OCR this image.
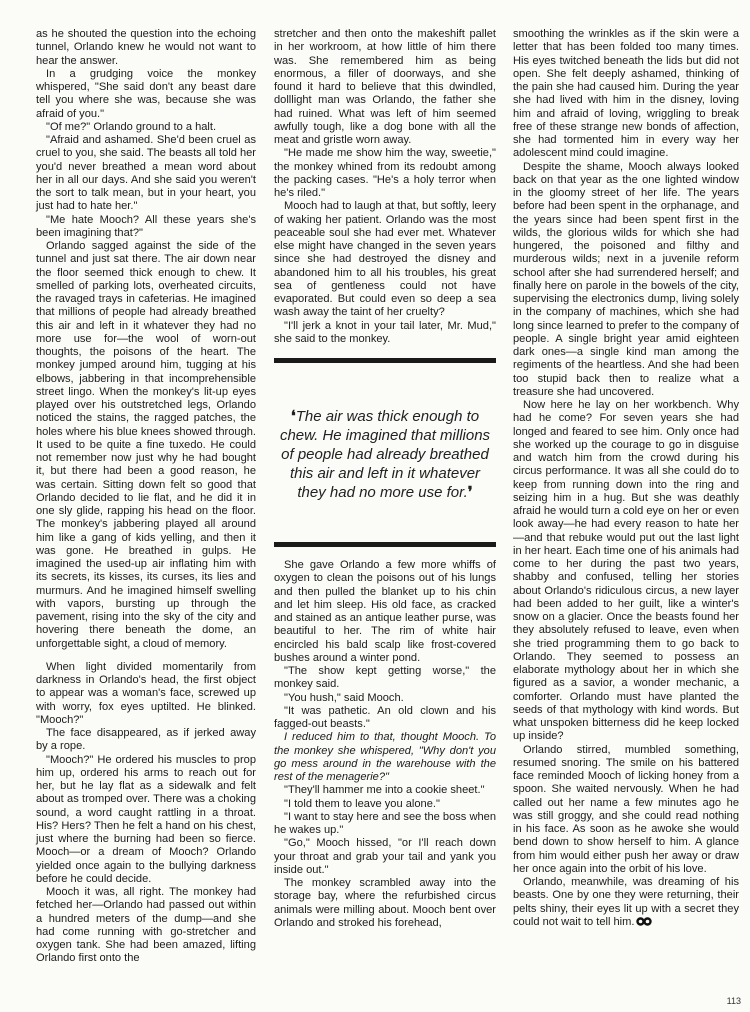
as he shouted the question into the echoing tunnel, Orlando knew he would not want to hear the answer.

In a grudging voice the monkey whispered, "She said don't any beast dare tell you where she was, because she was afraid of you."

"Of me?" Orlando ground to a halt.

"Afraid and ashamed. She'd been cruel as cruel to you, she said. The beasts all told her you'd never breathed a mean word about her in all our days. And she said you weren't the sort to talk mean, but in your heart, you just had to hate her."

"Me hate Mooch? All these years she's been imagining that?"

Orlando sagged against the side of the tunnel and just sat there. The air down near the floor seemed thick enough to chew. It smelled of parking lots, overheated circuits, the ravaged trays in cafeterias. He imagined that millions of people had already breathed this air and left in it whatever they had no more use for—the wool of worn-out thoughts, the poisons of the heart. The monkey jumped around him, tugging at his elbows, jabbering in that incomprehensible street lingo. When the monkey's lit-up eyes played over his outstretched legs, Orlando noticed the stains, the ragged patches, the holes where his blue knees showed through. It used to be quite a fine tuxedo. He could not remember now just why he had bought it, but there had been a good reason, he was certain. Sitting down felt so good that Orlando decided to lie flat, and he did it in one sly glide, rapping his head on the floor. The monkey's jabbering played all around him like a gang of kids yelling, and then it was gone. He breathed in gulps. He imagined the used-up air inflating him with its secrets, its kisses, its curses, its lies and murmurs. And he imagined himself swelling with vapors, bursting up through the pavement, rising into the sky of the city and hovering there beneath the dome, an unforgettable sight, a cloud of memory.

When light divided momentarily from darkness in Orlando's head, the first object to appear was a woman's face, screwed up with worry, fox eyes uptilted. He blinked. "Mooch?"

The face disappeared, as if jerked away by a rope.

"Mooch?" He ordered his muscles to prop him up, ordered his arms to reach out for her, but he lay flat as a sidewalk and felt about as tromped over. There was a choking sound, a word caught rattling in a throat. His? Hers? Then he felt a hand on his chest, just where the burning had been so fierce. Mooch—or a dream of Mooch? Orlando yielded once again to the bullying darkness before he could decide.

Mooch it was, all right. The monkey had fetched her—Orlando had passed out within a hundred meters of the dump—and she had come running with go-stretcher and oxygen tank. She had been amazed, lifting Orlando first onto the

stretcher and then onto the makeshift pallet in her workroom, at how little of him there was. She remembered him as being enormous, a filler of doorways, and she found it hard to believe that this dwindled, dolllight man was Orlando, the father she had ruined. What was left of him seemed awfully tough, like a dog bone with all the meat and gristle worn away.

"He made me show him the way, sweetie," the monkey whined from its redoubt among the packing cases. "He's a holy terror when he's riled."

Mooch had to laugh at that, but softly, leery of waking her patient. Orlando was the most peaceable soul she had ever met. Whatever else might have changed in the seven years since she had destroyed the disney and abandoned him to all his troubles, his great sea of gentleness could not have evaporated. But could even so deep a sea wash away the taint of her cruelty?

"I'll jerk a knot in your tail later, Mr. Mud," she said to the monkey.

❛The air was thick enough to chew. He imagined that millions of people had already breathed this air and left in it whatever they had no more use for.❜

She gave Orlando a few more whiffs of oxygen to clean the poisons out of his lungs and then pulled the blanket up to his chin and let him sleep. His old face, as cracked and stained as an antique leather purse, was beautiful to her. The rim of white hair encircled his bald scalp like frost-covered bushes around a winter pond.

"The show kept getting worse," the monkey said.

"You hush," said Mooch.

"It was pathetic. An old clown and his fagged-out beasts."

I reduced him to that, thought Mooch. To the monkey she whispered, "Why don't you go mess around in the warehouse with the rest of the menagerie?"

"They'll hammer me into a cookie sheet."

"I told them to leave you alone."

"I want to stay here and see the boss when he wakes up."

"Go," Mooch hissed, "or I'll reach down your throat and grab your tail and yank you inside out."

The monkey scrambled away into the storage bay, where the refurbished circus animals were milling about. Mooch bent over Orlando and stroked his forehead,

smoothing the wrinkles as if the skin were a letter that has been folded too many times. His eyes twitched beneath the lids but did not open. She felt deeply ashamed, thinking of the pain she had caused him. During the year she had lived with him in the disney, loving him and afraid of loving, wriggling to break free of these strange new bonds of affection, she had tormented him in every way her adolescent mind could imagine.

Despite the shame, Mooch always looked back on that year as the one lighted window in the gloomy street of her life. The years before had been spent in the orphanage, and the years since had been spent first in the wilds, the glorious wilds for which she had hungered, the poisoned and filthy and murderous wilds; next in a juvenile reform school after she had surrendered herself; and finally here on parole in the bowels of the city, supervising the electronics dump, living solely in the company of machines, which she had long since learned to prefer to the company of people. A single bright year amid eighteen dark ones—a single kind man among the regiments of the heartless. And she had been too stupid back then to realize what a treasure she had uncovered.

Now here he lay on her workbench. Why had he come? For seven years she had longed and feared to see him. Only once had she worked up the courage to go in disguise and watch him from the crowd during his circus performance. It was all she could do to keep from running down into the ring and seizing him in a hug. But she was deathly afraid he would turn a cold eye on her or even look away—he had every reason to hate her—and that rebuke would put out the last light in her heart. Each time one of his animals had come to her during the past two years, shabby and confused, telling her stories about Orlando's ridiculous circus, a new layer had been added to her guilt, like a winter's snow on a glacier. Once the beasts found her they absolutely refused to leave, even when she tried programming them to go back to Orlando. They seemed to possess an elaborate mythology about her in which she figured as a savior, a wonder mechanic, a comforter. Orlando must have planted the seeds of that mythology with kind words. But what unspoken bitterness did he keep locked up inside?

Orlando stirred, mumbled something, resumed snoring. The smile on his battered face reminded Mooch of licking honey from a spoon. She waited nervously. When he had called out her name a few minutes ago he was still groggy, and she could read nothing in his face. As soon as he awoke she would bend down to show herself to him. A glance from him would either push her away or draw her once again into the orbit of his love.

Orlando, meanwhile, was dreaming of his beasts. One by one they were returning, their pelts shiny, their eyes lit up with a secret they could not wait to tell him.

113
